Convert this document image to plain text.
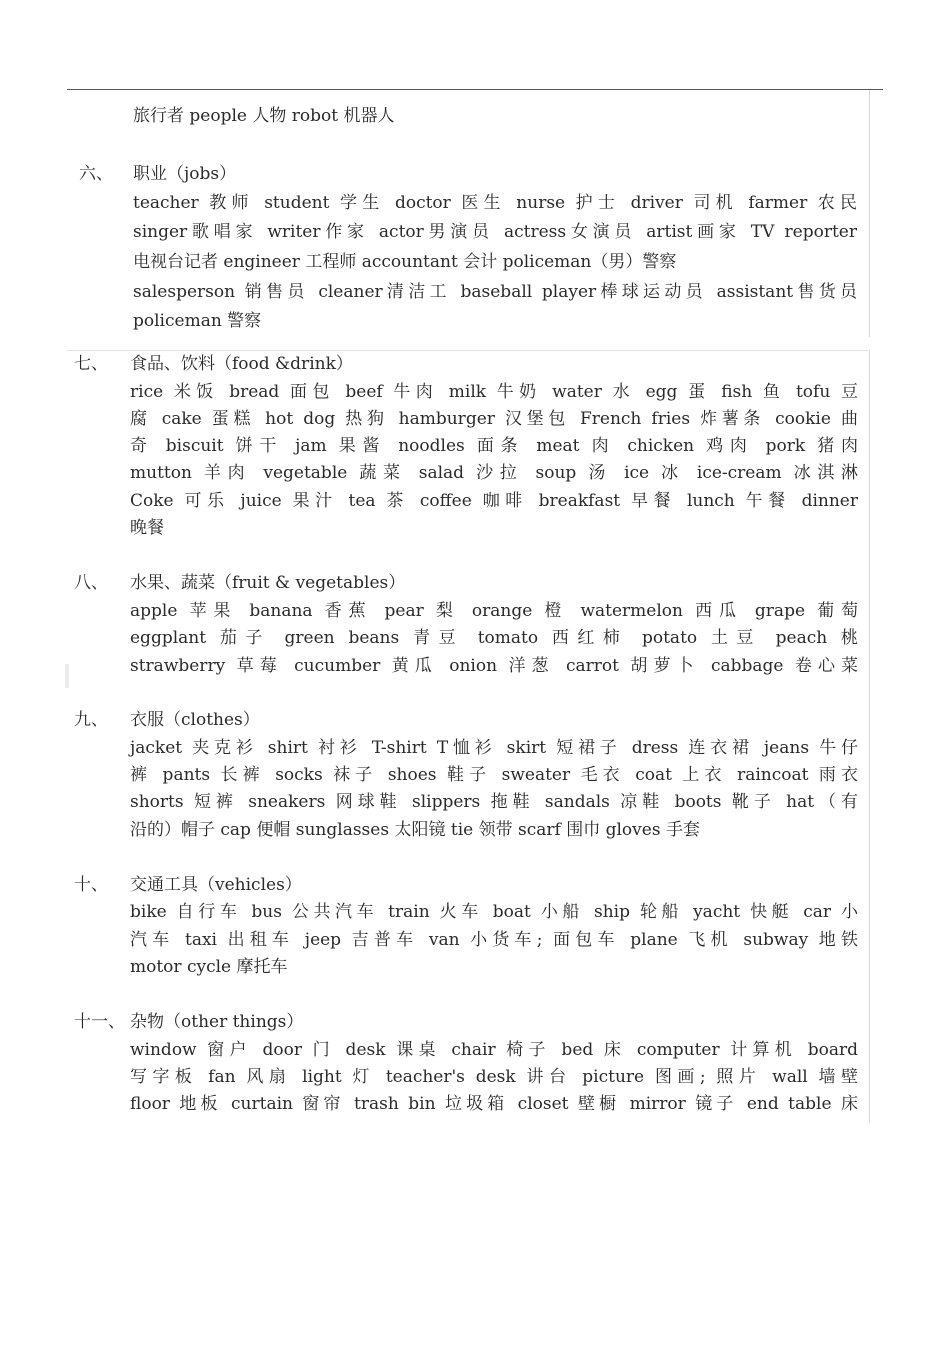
旅行者 people 人物 robot 机器人
六、 职业（jobs）
teacher 教师 student 学生 doctor 医生 nurse 护士 driver 司机 farmer 农民
singer歌唱家 writer作家 actor男演员 actress女演员 artist画家 TV reporter
电视台记者 engineer 工程师 accountant 会计 policeman（男）警察
salesperson 销售员 cleaner清洁工 baseball player棒球运动员 assistant售货员
policeman 警察
七、 食品、饮料（food &drink）
rice 米饭 bread 面包 beef 牛肉 milk 牛奶 water 水 egg 蛋 fish 鱼 tofu 豆
腐 cake 蛋糕 hot dog 热狗 hamburger 汉堡包 French fries 炸薯条 cookie 曲
奇 biscuit 饼干 jam 果酱 noodles 面条 meat 肉 chicken 鸡肉 pork 猪肉
mutton 羊肉 vegetable 蔬菜 salad 沙拉 soup 汤 ice 冰 ice-cream 冰淇淋
Coke 可乐 juice 果汁 tea 茶 coffee 咖啡 breakfast 早餐 lunch 午餐 dinner
晚餐
八、 水果、蔬菜（fruit & vegetables）
apple 苹果 banana 香蕉 pear 梨 orange 橙 watermelon 西瓜 grape 葡萄
eggplant 茄子 green beans 青豆 tomato 西红柿 potato 土豆 peach 桃
strawberry 草莓 cucumber 黄瓜 onion 洋葱 carrot 胡萝卜 cabbage 卷心菜
九、 衣服（clothes）
jacket 夹克衫 shirt 衬衫 T-shirt T恤衫 skirt 短裙子 dress 连衣裙 jeans 牛仔
裤 pants 长裤 socks 袜子 shoes 鞋子 sweater 毛衣 coat 上衣 raincoat 雨衣
shorts 短裤 sneakers 网球鞋 slippers 拖鞋 sandals 凉鞋 boots 靴子 hat（有
沿的）帽子 cap 便帽 sunglasses 太阳镜 tie 领带 scarf 围巾 gloves 手套
十、 交通工具（vehicles）
bike 自行车 bus 公共汽车 train 火车 boat 小船 ship 轮船 yacht 快艇 car 小
汽车 taxi 出租车 jeep 吉普车 van 小货车; 面包车 plane 飞机 subway 地铁
motor cycle 摩托车
十一、 杂物（other things）
window 窗户 door 门 desk 课桌 chair 椅子 bed 床 computer 计算机 board
写字板 fan 风扇 light 灯 teacher's desk 讲台 picture 图画; 照片 wall 墙壁
floor 地板 curtain 窗帘 trash bin 垃圾箱 closet 壁橱 mirror 镜子 end table 床
